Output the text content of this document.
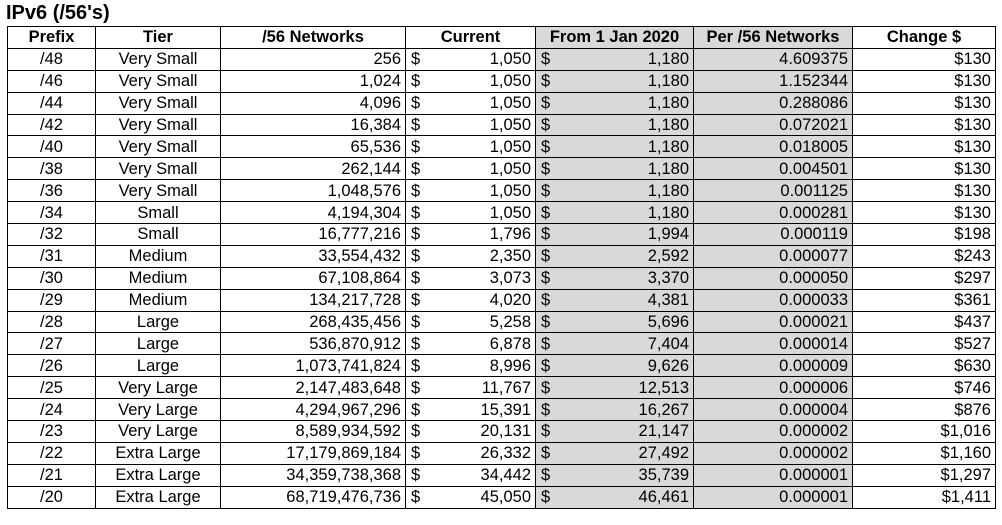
IPv6 (/56's)
Prefix	Tier	/56 Networks	Current		From 1 Jan 2020		Per /56 Networks	Change $
/48	Very Small	256	$	1,050	$	1,180	4.609375	$130
/46	Very Small	1,024	$	1,050	$	1,180	1.152344	$130
/44	Very Small	4,096	$	1,050	$	1,180	0.288086	$130
/42	Very Small	16,384	$	1,050	$	1,180	0.072021	$130
/40	Very Small	65,536	$	1,050	$	1,180	0.018005	$130
/38	Very Small	262,144	$	1,050	$	1,180	0.004501	$130
/36	Very Small	1,048,576	$	1,050	$	1,180	0.001125	$130
/34	Small	4,194,304	$	1,050	$	1,180	0.000281	$130
/32	Small	16,777,216	$	1,796	$	1,994	0.000119	$198
/31	Medium	33,554,432	$	2,350	$	2,592	0.000077	$243
/30	Medium	67,108,864	$	3,073	$	3,370	0.000050	$297
/29	Medium	134,217,728	$	4,020	$	4,381	0.000033	$361
/28	Large	268,435,456	$	5,258	$	5,696	0.000021	$437
/27	Large	536,870,912	$	6,878	$	7,404	0.000014	$527
/26	Large	1,073,741,824	$	8,996	$	9,626	0.000009	$630
/25	Very Large	2,147,483,648	$	11,767	$	12,513	0.000006	$746
/24	Very Large	4,294,967,296	$	15,391	$	16,267	0.000004	$876
/23	Very Large	8,589,934,592	$	20,131	$	21,147	0.000002	$1,016
/22	Extra Large	17,179,869,184	$	26,332	$	27,492	0.000002	$1,160
/21	Extra Large	34,359,738,368	$	34,442	$	35,739	0.000001	$1,297
/20	Extra Large	68,719,476,736	$	45,050	$	46,461	0.000001	$1,411
